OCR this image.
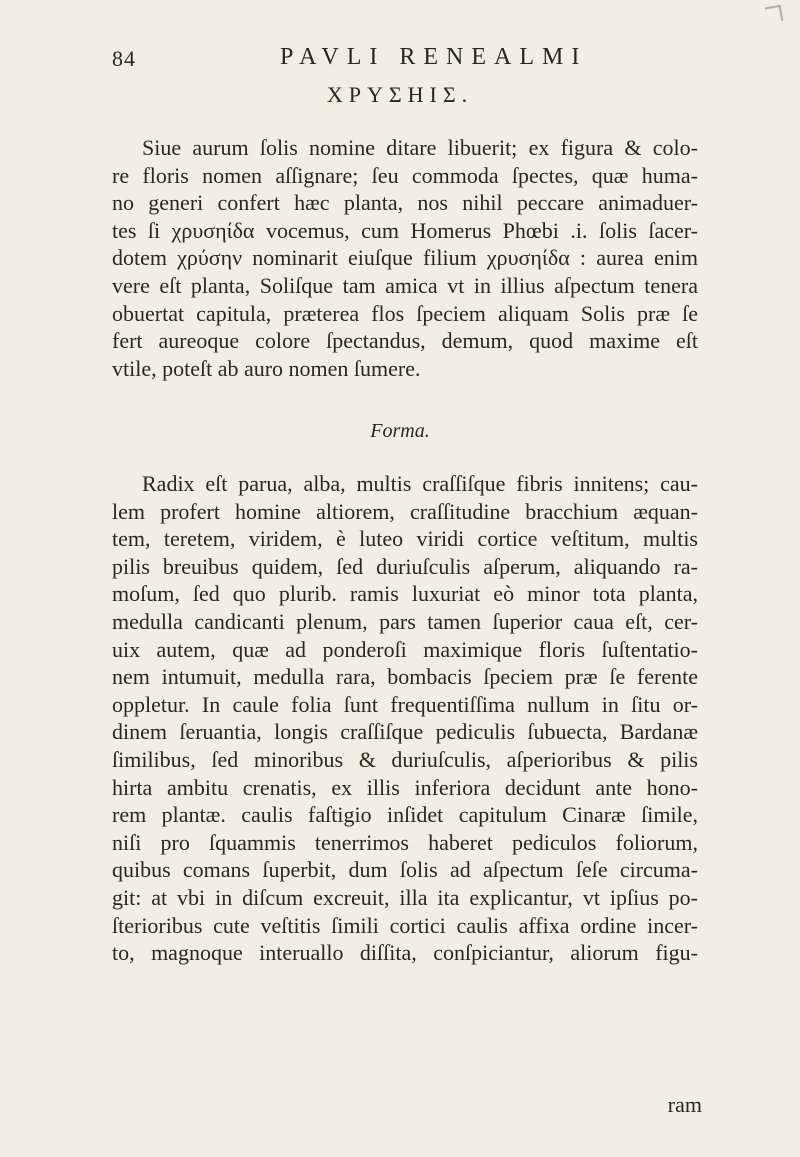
84	PAVLI RENEALMI
ΧΡΥΣΗΙΣ.
Siue aurum ſolis nomine ditare libuerit; ex figura & colo-
re floris nomen aſſignare; ſeu commoda ſpectes, quæ huma-
no generi confert hæc planta, nos nihil peccare animaduer-
tes ſi χρυσηίδα vocemus, cum Homerus Phœbi .i. ſolis ſacer-
dotem χρύσην nominarit eiuſque filium χρυσηίδα : aurea enim
vere eſt planta, Soliſque tam amica vt in illius aſpectum tenera
obuertat capitula, præterea flos ſpeciem aliquam Solis præ ſe
fert aureoque colore ſpectandus, demum, quod maxime eſt
vtile, poteſt ab auro nomen ſumere.
Forma.
Radix eſt parua, alba, multis craſſiſque fibris innitens; cau-
lem profert homine altiorem, craſſitudine bracchium æquan-
tem, teretem, viridem, è luteo viridi cortice veſtitum, multis
pilis breuibus quidem, ſed duriuſculis aſperum, aliquando ra-
moſum, ſed quo plurib. ramis luxuriat eò minor tota planta,
medulla candicanti plenum, pars tamen ſuperior caua eſt, cer-
uix autem, quæ ad ponderoſi maximique floris ſuſtentatio-
nem intumuit, medulla rara, bombacis ſpeciem præ ſe ferente
oppletur. In caule folia ſunt frequentiſſima nullum in ſitu or-
dinem ſeruantia, longis craſſiſque pediculis ſubuecta, Bardanæ
ſimilibus, ſed minoribus & duriuſculis, aſperioribus & pilis
hirta ambitu crenatis, ex illis inferiora decidunt ante hono-
rem plantæ. caulis faſtigio inſidet capitulum Cinaræ ſimile,
niſi pro ſquammis tenerrimos haberet pediculos foliorum,
quibus comans ſuperbit, dum ſolis ad aſpectum ſeſe circuma-
git: at vbi in diſcum excreuit, illa ita explicantur, vt ipſius po-
ſterioribus cute veſtitis ſimili cortici caulis affixa ordine incer-
to, magnoque interuallo diſſita, conſpiciantur, aliorum figu-
ram
